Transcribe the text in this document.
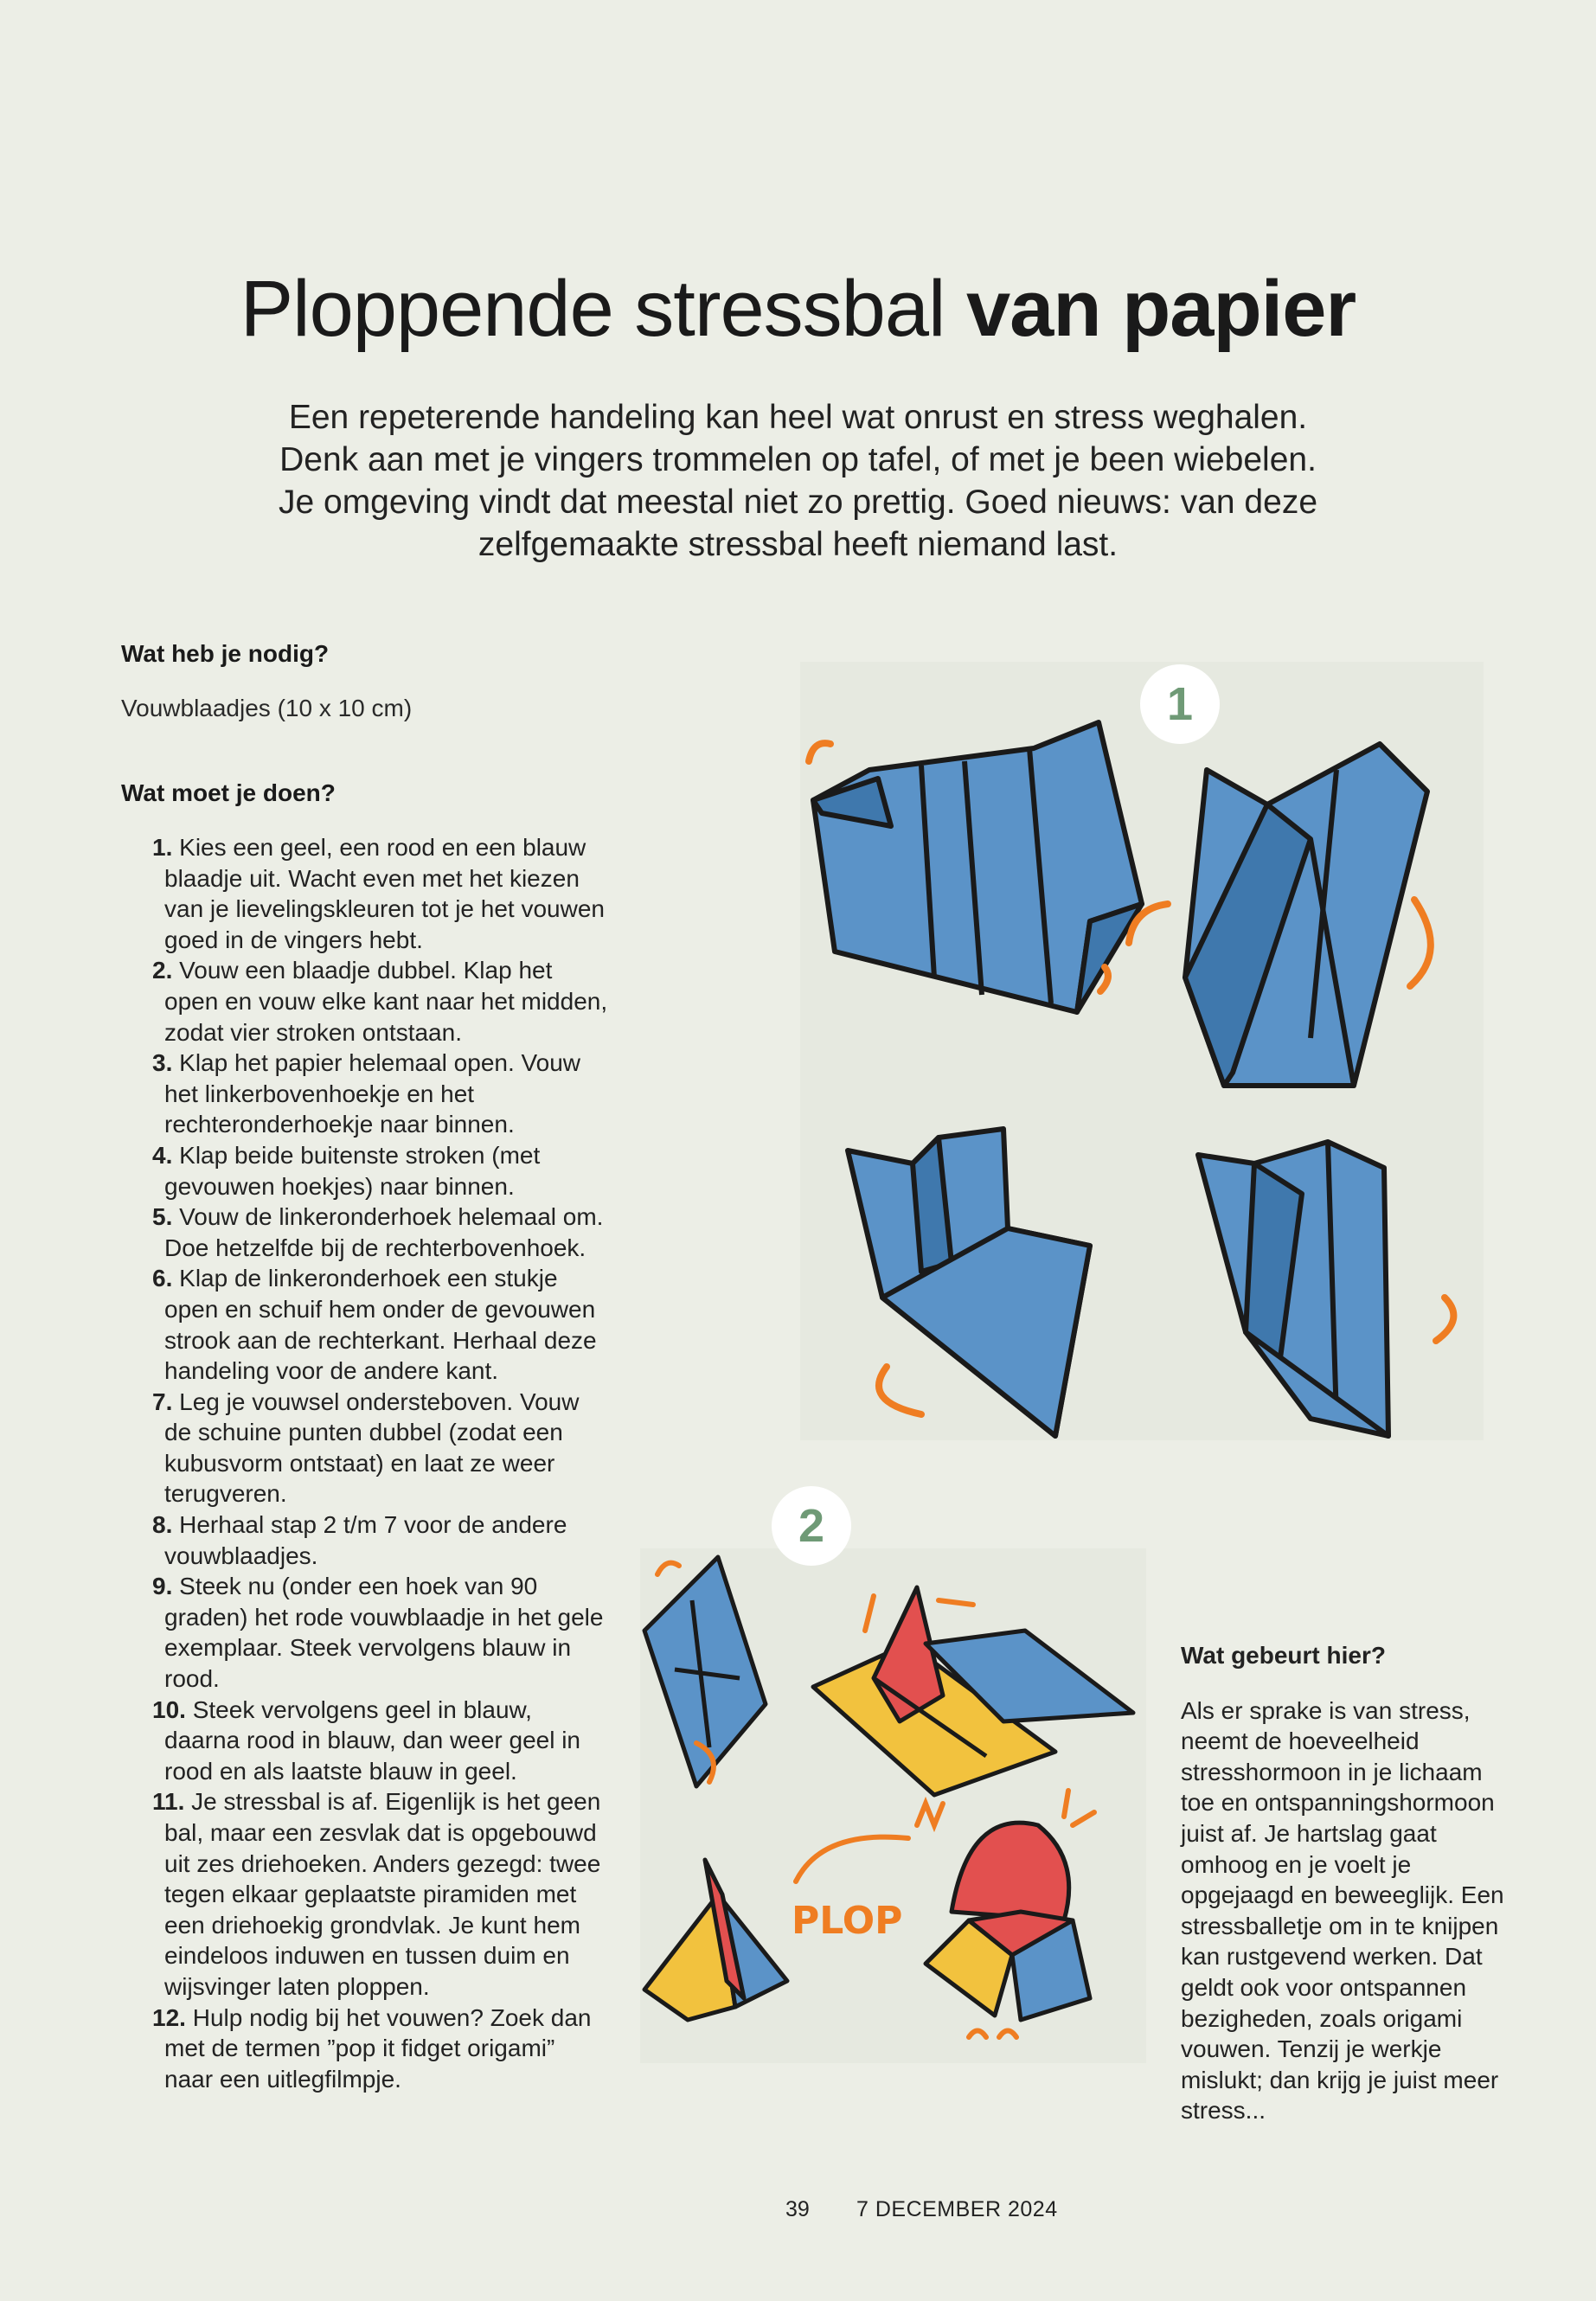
Ploppende stressbal van papier

Een repeterende handeling kan heel wat onrust en stress weghalen.

Denk aan met je vingers trommelen op tafel, of met je been wiebelen.

Je omgeving vindt dat meestal niet zo prettig. Goed nieuws: van deze

zelfgemaakte stressbal heeft niemand last.

Wat heb je nodig?
Vouwblaadjes (10 x 10 cm)
Wat moet je doen?
1. Kies een geel, een rood en een blauw blaadje uit. Wacht even met het kiezen van je lievelingskleuren tot je het vouwen goed in de vingers hebt.
2. Vouw een blaadje dubbel. Klap het open en vouw elke kant naar het midden, zodat vier stroken ontstaan.
3. Klap het papier helemaal open. Vouw het linkerbovenhoekje en het rechteronderhoekje naar binnen.
4. Klap beide buitenste stroken (met gevouwen hoekjes) naar binnen.
5. Vouw de linkeronderhoek helemaal om. Doe hetzelfde bij de rechterbovenhoek.
6. Klap de linkeronderhoek een stukje open en schuif hem onder de gevouwen strook aan de rechterkant. Herhaal deze handeling voor de andere kant.
7. Leg je vouwsel ondersteboven. Vouw de schuine punten dubbel (zodat een kubusvorm ontstaat) en laat ze weer terugveren.
8. Herhaal stap 2 t/m 7 voor de andere vouwblaadjes.
9. Steek nu (onder een hoek van 90 graden) het rode vouwblaadje in het gele exemplaar. Steek vervolgens blauw in rood.
10. Steek vervolgens geel in blauw, daarna rood in blauw, dan weer geel in rood en als laatste blauw in geel.
11. Je stressbal is af. Eigenlijk is het geen bal, maar een zesvlak dat is opgebouwd uit zes driehoeken. Anders gezegd: twee tegen elkaar geplaatste piramiden met een driehoekig grondvlak. Je kunt hem eindeloos induwen en tussen duim en wijsvinger laten ploppen.
12. Hulp nodig bij het vouwen? Zoek dan met de termen ”pop it fidget origami” naar een uitlegfilmpje.
1
PLOP
2
Wat gebeurt hier?
Als er sprake is van stress, neemt de hoeveelheid stresshormoon in je lichaam toe en ontspanningshormoon juist af. Je hartslag gaat omhoog en je voelt je opgejaagd en beweeglijk. Een stressballetje om in te knijpen kan rustgevend werken. Dat geldt ook voor ontspannen bezigheden, zoals origami vouwen. Tenzij je werkje mislukt; dan krijg je juist meer stress...
39 7 DECEMBER 2024
